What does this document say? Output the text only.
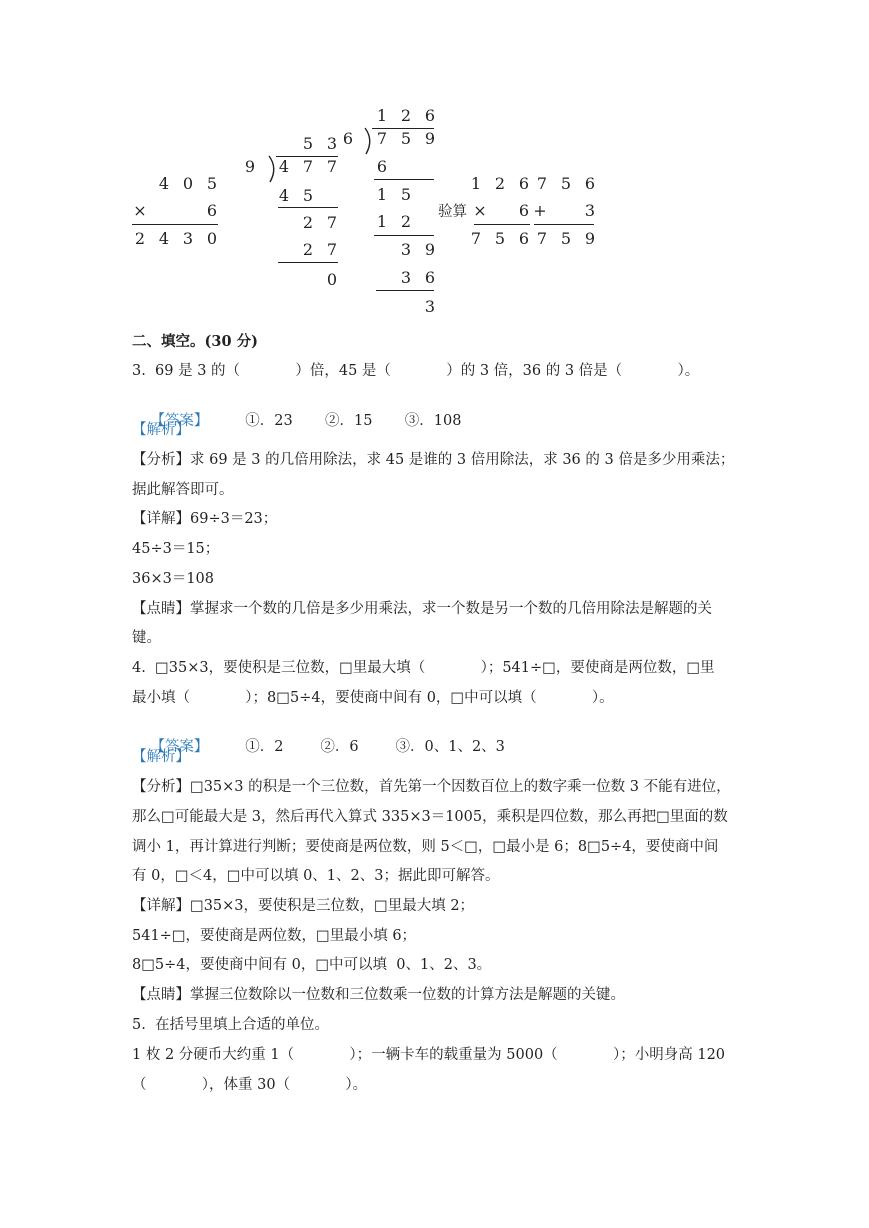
4 0 5
×	6
2 4 3 0
5 3
9	4 7 7
4 5
2 7
2 7
0
1 2 6
6	7 5 9
6
1 5
1 2
3 9
3 6
3
验算
1 2 6
×	6
7 5 6
7 5 6
+	3
7 5 9
二、填空。(30 分)
3.  69 是 3 的（            ）倍，45 是（            ）的 3 倍，36 的 3 倍是（            ）。

【答案】        ①．23       ②．15       ③．108

【解析】
【分析】求 69 是 3 的几倍用除法，求 45 是谁的 3 倍用除法，求 36 的 3 倍是多少用乘法；
据此解答即可。
【详解】69÷3＝23；
45÷3＝15；
36×3＝108
【点睛】掌握求一个数的几倍是多少用乘法，求一个数是另一个数的几倍用除法是解题的关
键。
4.  □35×3，要使积是三位数，□里最大填（            ）；541÷□，要使商是两位数，□里
最小填（            ）；8□5÷4，要使商中间有 0，□中可以填（            ）。

【答案】        ①．2        ②．6        ③．0、1、2、3

【解析】
【分析】□35×3 的积是一个三位数，首先第一个因数百位上的数字乘一位数 3 不能有进位，
那么□可能最大是 3，然后再代入算式 335×3＝1005，乘积是四位数，那么再把□里面的数
调小 1，再计算进行判断；要使商是两位数，则 5＜□，□最小是 6；8□5÷4，要使商中间
有 0，□＜4，□中可以填 0、1、2、3；据此即可解答。
【详解】□35×3，要使积是三位数，□里最大填 2；
541÷□，要使商是两位数，□里最小填 6；
8□5÷4，要使商中间有 0，□中可以填  0、1、2、3。
【点睛】掌握三位数除以一位数和三位数乘一位数的计算方法是解题的关键。
5.  在括号里填上合适的单位。
1 枚 2 分硬币大约重 1（            ）；一辆卡车的载重量为 5000（            ）；小明身高 120
（            ），体重 30（            ）。
